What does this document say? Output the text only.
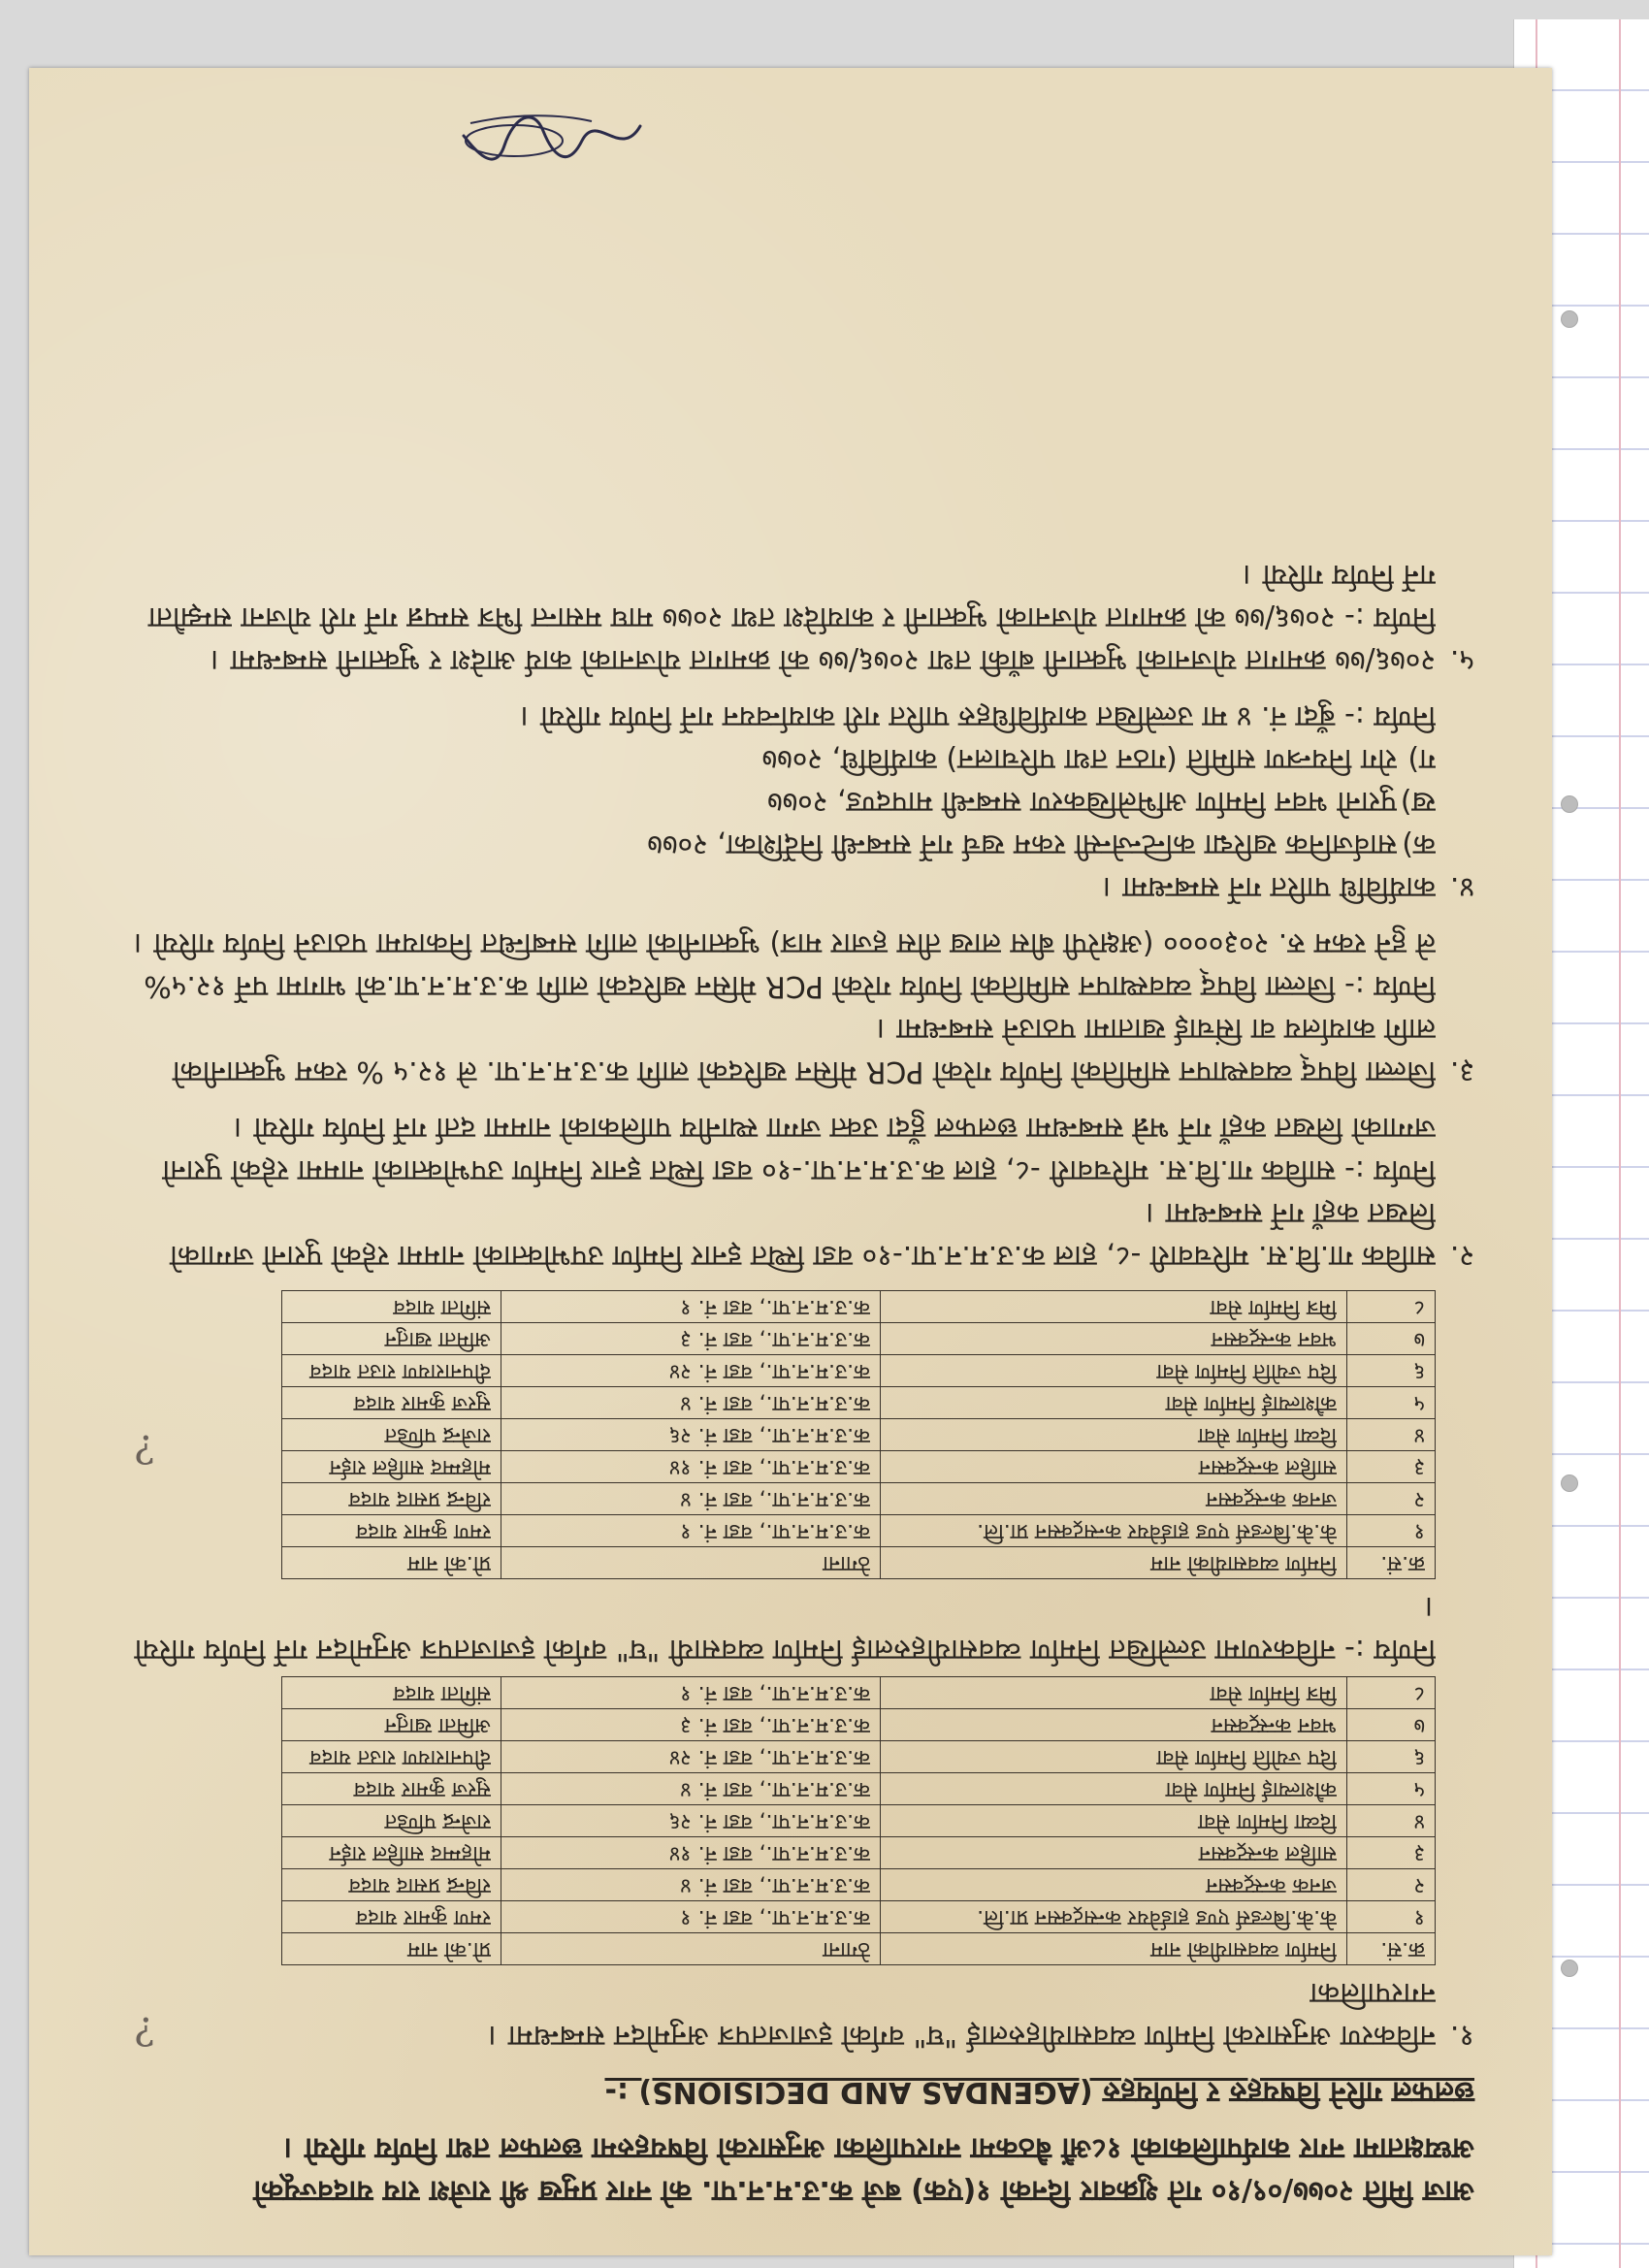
आज मिति २०७७/०९/१० गते शुक्रवार दिनको १(एक) बजे क.उ.म.न.पा. को नगर प्रमुख श्री राजेश राय यादवज्यूको अध्यक्षतामा नगर कार्यपालिकाको १८औं बैठकमा नगरपालिका अनुसारको विषयहरुमा छलफल तथा निर्णय गरियो ।

छलफल गरिने विषयहरु र निर्णयहरु (AGENDAS AND DECISIONS) :-

१.
नविकरण अनुसारको निर्माण व्यवसायीहरुलाई "घ" वर्गको इजाजतपत्र अनुमोदन सम्बन्धमा ।
नगरपालिका
क्र.सं.	निर्माण व्यवसायीको नाम	ठेगाना	प्रो.को नाम
१	के.के.बिल्डर्स एण्ड हार्डवेयर कन्सट्रक्सन प्रा.लि.	क.उ.म.न.पा., वडा नं. १	रमण कुमार यादव
२	जनक कन्स्ट्रक्सन	क.उ.म.न.पा., वडा नं. ४	रविन्द्र प्रसाद यादव
३	साहिल कन्स्ट्रक्सन	क.उ.म.न.पा., वडा नं. १४	मोहम्मद साहिल राईन
४	दिव्या निर्माण सेवा	क.उ.म.न.पा., वडा नं. २६	राजेन्द्र पण्डित
५	कौशल्याई निर्माण सेवा	क.उ.म.न.पा., वडा नं. ४	सुरज कुमार यादव
६	दिप ज्योति निर्माण सेवा	क.उ.म.न.पा., वडा नं. २४	दीपनारायण राउत यादव
७	भवन कन्स्ट्रक्सन	क.उ.म.न.पा., वडा नं. ३	अमिता खातुन
८	मित्र निर्माण सेवा	क.उ.म.न.पा., वडा नं. १	संगिता यादव

निर्णय :- नविकरणमा उल्लेखित निर्माण व्यवसायीहरुलाई निर्माण व्यवसायी "घ" वर्गको इजाजतपत्र अनुमोदन गर्ने निर्णय गरियो ।

क्र.सं.	निर्माण व्यवसायीको नाम	ठेगाना	प्रो.को नाम
१	के.के.बिल्डर्स एण्ड हार्डवेयर कन्सट्रक्सन प्रा.लि.	क.उ.म.न.पा., वडा नं. १	रमण कुमार यादव
२	जनक कन्स्ट्रक्सन	क.उ.म.न.पा., वडा नं. ४	रविन्द्र प्रसाद यादव
३	साहिल कन्स्ट्रक्सन	क.उ.म.न.पा., वडा नं. १४	मोहम्मद साहिल राईन
४	दिव्या निर्माण सेवा	क.उ.म.न.पा., वडा नं. २६	राजेन्द्र पण्डित
५	कौशल्याई निर्माण सेवा	क.उ.म.न.पा., वडा नं. ४	सुरज कुमार यादव
६	दिप ज्योति निर्माण सेवा	क.उ.म.न.पा., वडा नं. २४	दीपनारायण राउत यादव
७	भवन कन्स्ट्रक्सन	क.उ.म.न.पा., वडा नं. ३	अमिता खातुन
८	मित्र निर्माण सेवा	क.उ.म.न.पा., वडा नं. १	संगिता यादव
२.
साविक गा.वि.स. मरिचवारी -८, हाल क.उ.म.न.पा.-१० वडा स्थित इनार निर्माण उपभोक्ताको नाममा रहेको पुरानो जग्गाको लिखत कहाँ गर्ने सम्बन्धमा ।

निर्णय :- साविक गा.वि.स. मरिचवारी -८, हाल क.उ.म.न.पा.-१० वडा स्थित इनार निर्माण उपभोक्ताको नाममा रहेको पुरानो जग्गाको लिखत कहाँ गर्ने भन्ने सम्बन्धमा छलफल हुँदा उक्त जग्गा स्थानीय पालिकाको नाममा दर्ता गर्ने निर्णय गरियो ।

३.
जिल्ला विपद् व्यवस्थापन समितिको निर्णय गरेको PCR मेसिन खरिदको लागि क.उ.म.न.पा. ले १२.५ % रकम भुक्तानीको लागि कार्यालय वा सिंचाई खातामा पठाउने सम्बन्धमा ।

निर्णय :- जिल्ला विपद् व्यवस्थापन समितिको निर्णय गरेको PCR मेसिन खरिदको लागि क.उ.म.न.पा.को भागमा पर्ने १२.५% ले हुने रकम रु. २०३०००० (अक्षरेपी बीस लाख तीस हजार मात्र) भुक्तानीको लागि सम्बन्धित निकायमा पठाउने निर्णय गरियो ।

४.
कार्यविधि पारित गर्ने सम्बन्धमा ।
क)
सार्वजनिक खरिद्मा कन्टिन्जेन्सी रकम खर्च गर्ने सम्बन्धी निर्देशिका, २०७७
ख)
पुरानो भवन निर्माण अभिलेखिकरण सम्बन्धी मापदण्ड, २०७७
ग)
रोग नियन्त्रण समिति (गठन तथा परिचालन) कार्यविधि, २०७७

निर्णय :- बुँदा नं. ४ मा उल्लेखित कार्यविधिहरु पारित गरी कार्यान्वयन गर्ने निर्णय गरियो ।

५.
२०७६/७७ क्रमागत योजनाको भुक्तानी बाँकी तथा २०७६/७७ को क्रमागत योजनाको कार्य आदेश र भुक्तानी सम्बन्धमा ।

निर्णय :- २०७६/७७ को क्रमागत योजनाको भुक्तानी र कार्यादेश तथा २०७७ माघ मसान्त भित्र सम्पन्न गर्ने गरी योजना सम्झौता गर्ने निर्णय गरियो ।

?
?
